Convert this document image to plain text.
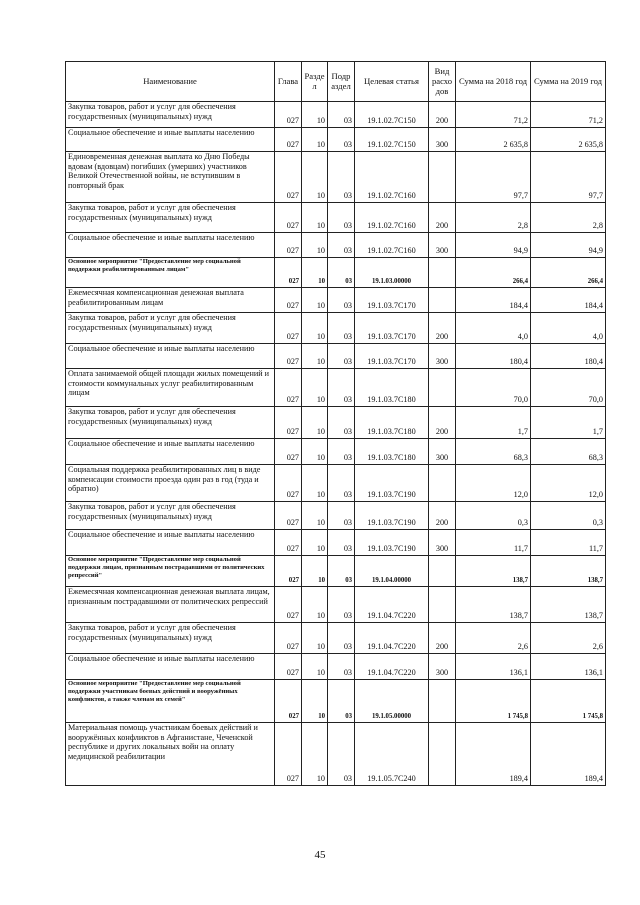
Наименование	Глава	Разде л	Подр аздел	Целевая статья	Вид расхо дов	Сумма на 2018 год	Сумма на 2019 год
Закупка товаров, работ и услуг для обеспечения государственных (муниципальных) нужд	027	10	03	19.1.02.7С150	200	71,2	71,2
Социальное обеспечение и иные выплаты населению	027	10	03	19.1.02.7С150	300	2 635,8	2 635,8
Единовременная денежная выплата ко Дню Победы вдовам (вдовцам) погибших (умерших) участников Великой Отечественной войны, не вступившим в повторный брак	027	10	03	19.1.02.7С160		97,7	97,7
Закупка товаров, работ и услуг для обеспечения государственных (муниципальных) нужд	027	10	03	19.1.02.7С160	200	2,8	2,8
Социальное обеспечение и иные выплаты населению	027	10	03	19.1.02.7С160	300	94,9	94,9
Основное мероприятие "Предоставление мер социальной поддержки реабилитированным лицам"	027	10	03	19.1.03.00000		266,4	266,4
Ежемесячная компенсационная денежная выплата реабилитированным лицам	027	10	03	19.1.03.7С170		184,4	184,4
Закупка товаров, работ и услуг для обеспечения государственных (муниципальных) нужд	027	10	03	19.1.03.7С170	200	4,0	4,0
Социальное обеспечение и иные выплаты населению	027	10	03	19.1.03.7С170	300	180,4	180,4
Оплата занимаемой общей площади жилых помещений и стоимости коммунальных услуг реабилитированным лицам	027	10	03	19.1.03.7С180		70,0	70,0
Закупка товаров, работ и услуг для обеспечения государственных (муниципальных) нужд	027	10	03	19.1.03.7С180	200	1,7	1,7
Социальное обеспечение и иные выплаты населению	027	10	03	19.1.03.7С180	300	68,3	68,3
Социальная поддержка реабилитированных лиц в виде компенсации стоимости проезда один раз в год (туда и обратно)	027	10	03	19.1.03.7С190		12,0	12,0
Закупка товаров, работ и услуг для обеспечения государственных (муниципальных) нужд	027	10	03	19.1.03.7С190	200	0,3	0,3
Социальное обеспечение и иные выплаты населению	027	10	03	19.1.03.7С190	300	11,7	11,7
Основное мероприятие "Предоставление мер социальной поддержки лицам, признанным пострадавшими от политических репрессий"	027	10	03	19.1.04.00000		138,7	138,7
Ежемесячная компенсационная денежная выплата лицам, признанным пострадавшими от политических репрессий	027	10	03	19.1.04.7С220		138,7	138,7
Закупка товаров, работ и услуг для обеспечения государственных (муниципальных) нужд	027	10	03	19.1.04.7С220	200	2,6	2,6
Социальное обеспечение и иные выплаты населению	027	10	03	19.1.04.7С220	300	136,1	136,1
Основное мероприятие "Предоставление мер социальной поддержки участникам боевых действий и вооружённых конфликтов, а также членам их семей"	027	10	03	19.1.05.00000		1 745,8	1 745,8
Материальная помощь участникам боевых действий и вооружённых конфликтов в Афганистане, Чеченской республике и других локальных войн на оплату медицинской реабилитации	027	10	03	19.1.05.7С240		189,4	189,4
45
